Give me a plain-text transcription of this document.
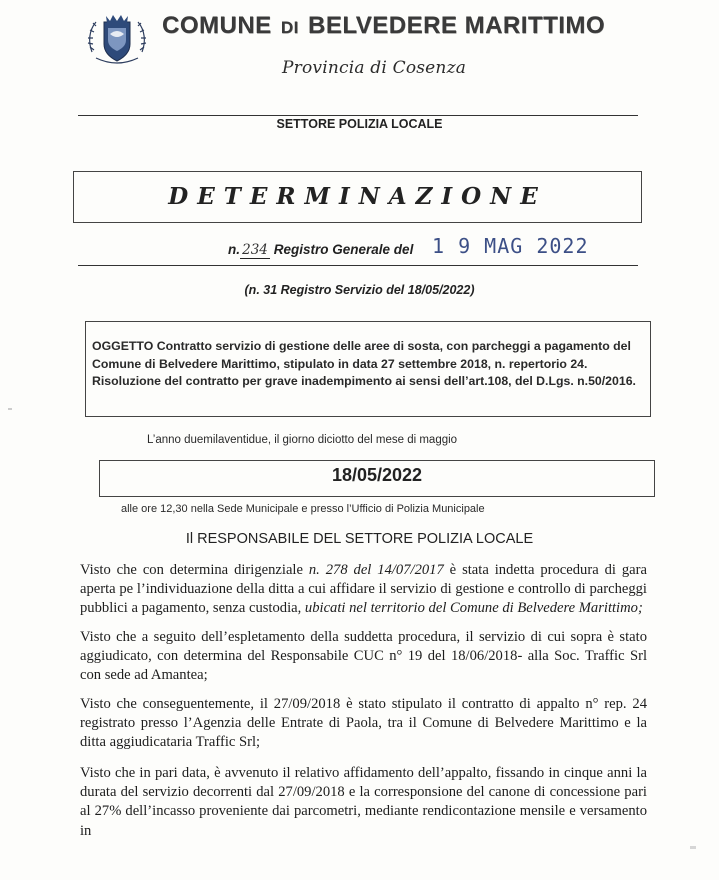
COMUNE DI BELVEDERE MARITTIMO
Provincia di Cosenza
SETTORE POLIZIA LOCALE
DETERMINAZIONE
n. 234 Registro Generale del 1 9 MAG 2022
(n. 31 Registro Servizio del 18/05/2022)
OGGETTO Contratto servizio di gestione delle aree di sosta, con parcheggi a pagamento del Comune di Belvedere Marittimo, stipulato in data 27 settembre 2018, n. repertorio 24. Risoluzione del contratto per grave inadempimento ai sensi dell’art.108, del D.Lgs. n.50/2016.
L’anno duemilaventidue, il giorno diciotto del mese di maggio
18/05/2022
alle ore 12,30 nella Sede Municipale e presso l’Ufficio di Polizia Municipale
Il RESPONSABILE DEL SETTORE POLIZIA LOCALE
Visto che con determina dirigenziale n. 278 del 14/07/2017 è stata indetta procedura di gara aperta pe l’individuazione della ditta a cui affidare il servizio di gestione e controllo di parcheggi pubblici a pagamento, senza custodia, ubicati nel territorio del Comune di Belvedere Marittimo;
Visto che a seguito dell’espletamento della suddetta procedura, il servizio di cui sopra è stato aggiudicato, con determina del Responsabile CUC n° 19 del 18/06/2018- alla Soc. Traffic Srl con sede ad Amantea;
Visto che conseguentemente, il 27/09/2018 è stato stipulato il contratto di appalto n° rep. 24 registrato presso l’Agenzia delle Entrate di Paola, tra il Comune di Belvedere Marittimo e la ditta aggiudicataria Traffic Srl;
Visto che in pari data, è avvenuto il relativo affidamento dell’appalto, fissando in cinque anni la durata del servizio decorrenti dal 27/09/2018 e la corresponsione del canone di concessione pari al 27% dell’incasso proveniente dai parcometri, mediante rendicontazione mensile e versamento in
